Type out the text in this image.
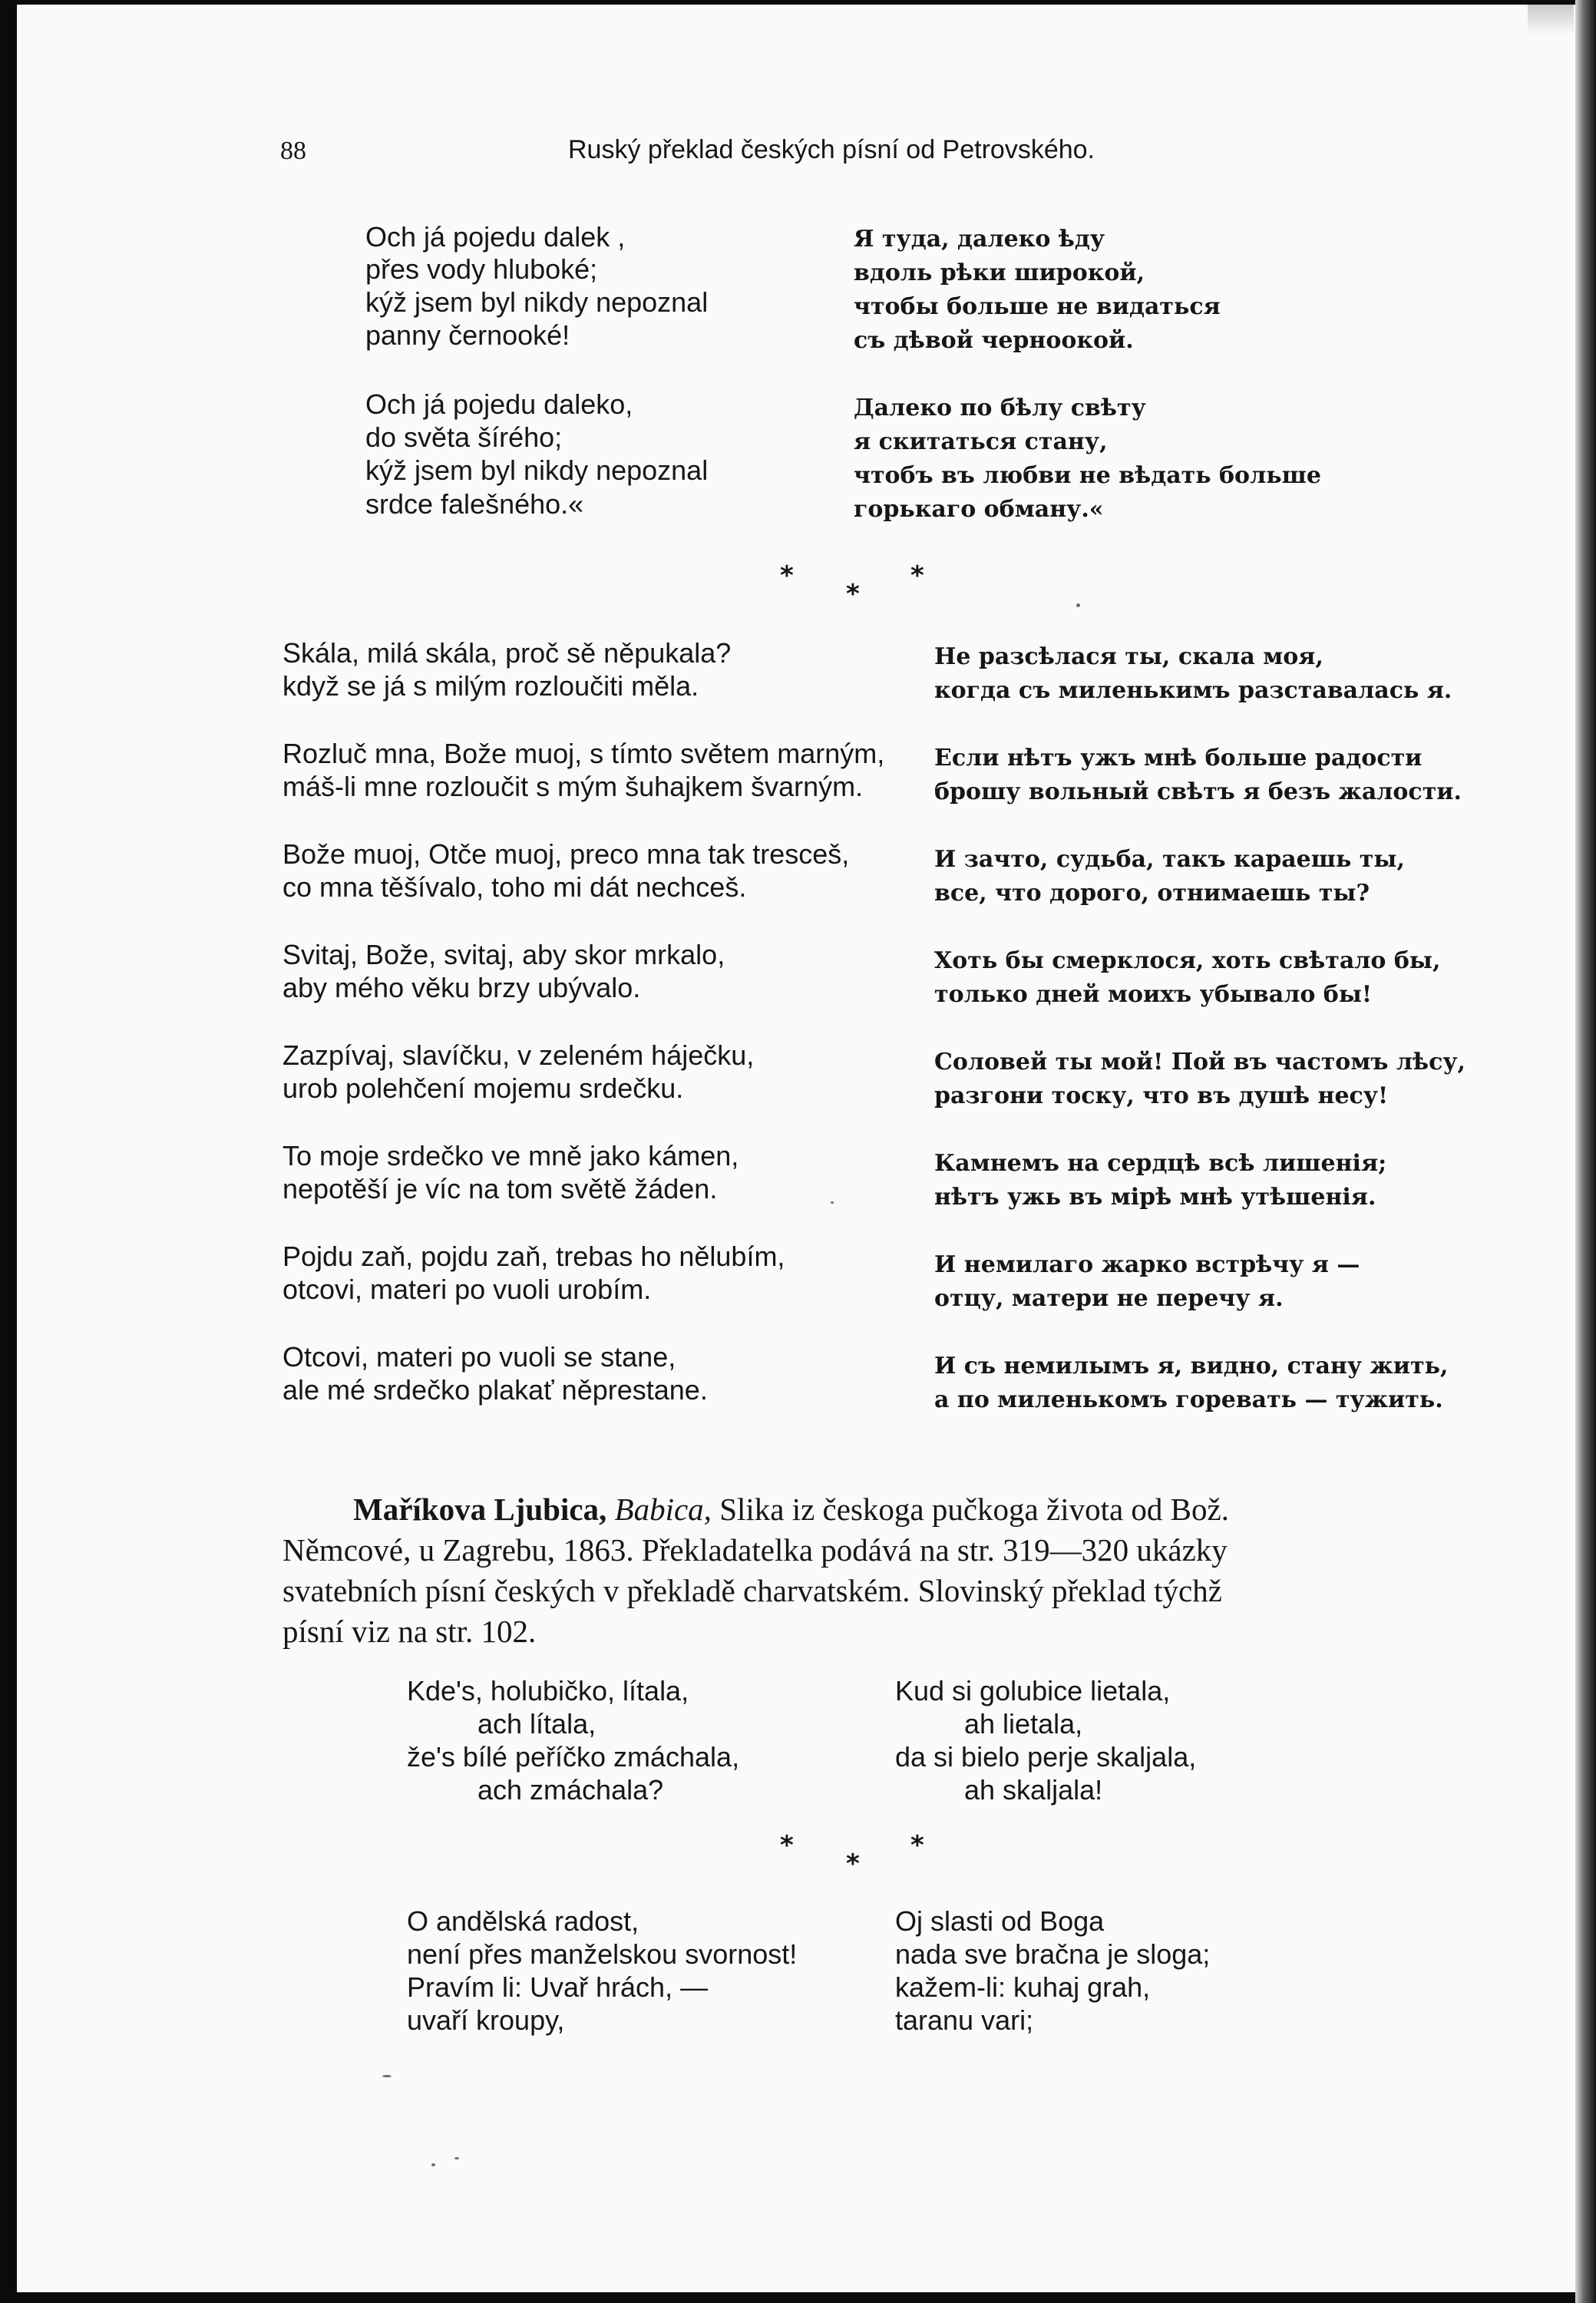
88	Ruský překlad českých písní od Petrovského.
Och já pojedu dalek ,
přes vody hluboké;
kýž jsem byl nikdy nepoznal
panny černooké!
Och já pojedu daleko,
do světa šírého;
kýž jsem byl nikdy nepoznal
srdce falešného.«
Я туда, далеко ѣду
вдоль рѣки широкой,
чтобы больше не видаться
съ дѣвой черноокой.
Далеко по бѣлу свѣту
я скитаться стану,
чтобъ въ любви не вѣдать больше
горькаго обману.«
*
*
*
Skála, milá skála, proč sě něpukala?
když se já s milým rozloučiti měla.
Rozluč mna, Bože muoj, s tímto světem marným,
máš-li mne rozloučit s mým šuhajkem švarným.
Bože muoj, Otče muoj, preco mna tak tresceš,
co mna těšívalo, toho mi dát nechceš.
Svitaj, Bože, svitaj, aby skor mrkalo,
aby mého věku brzy ubývalo.
Zazpívaj, slavíčku, v zeleném háječku,
urob polehčení mojemu srdečku.
To moje srdečko ve mně jako kámen,
nepotěší je víc na tom světě žáden.
Pojdu zaň, pojdu zaň, trebas ho nělubím,
otcovi, materi po vuoli urobím.
Otcovi, materi po vuoli se stane,
ale mé srdečko plakať něprestane.
Не разсѣлася ты, скала моя,
когда съ миленькимъ разставалась я.
Если нѣтъ ужъ мнѣ больше радости
брошу вольный свѣтъ я безъ жалости.
И зачто, судьба, такъ караешь ты,
все, что дорого, отнимаешь ты?
Хоть бы смерклося, хоть свѣтало бы,
только дней моихъ убывало бы!
Соловей ты мой! Пой въ частомъ лѣсу,
разгони тоску, что въ душѣ несу!
Камнемъ на сердцѣ всѣ лишенія;
нѣтъ ужь въ мірѣ мнѣ утѣшенія.
И немилаго жарко встрѣчу я —
отцу, матери не перечу я.
И съ немилымъ я, видно, стану жить,
а по миленькомъ горевать — тужить.
Maříkova Ljubica, Babica, Slika iz českoga pučkoga života od Bož.
Němcové, u Zagrebu, 1863. Překladatelka podává na str. 319—320 ukázky
svatebních písní českých v překladě charvatském. Slovinský překlad týchž
písní viz na str. 102.
Kde's, holubičko, lítala,
ach lítala,
že's bílé peříčko zmáchala,
ach zmáchala?
Kud si golubice lietala,
ah lietala,
da si bielo perje skaljala,
ah skaljala!
*
*
*
O andělská radost,
není přes manželskou svornost!
Pravím li: Uvař hrách, —
uvaří kroupy,
Oj slasti od Boga
nada sve bračna je sloga;
kažem-li: kuhaj grah,
taranu vari;
